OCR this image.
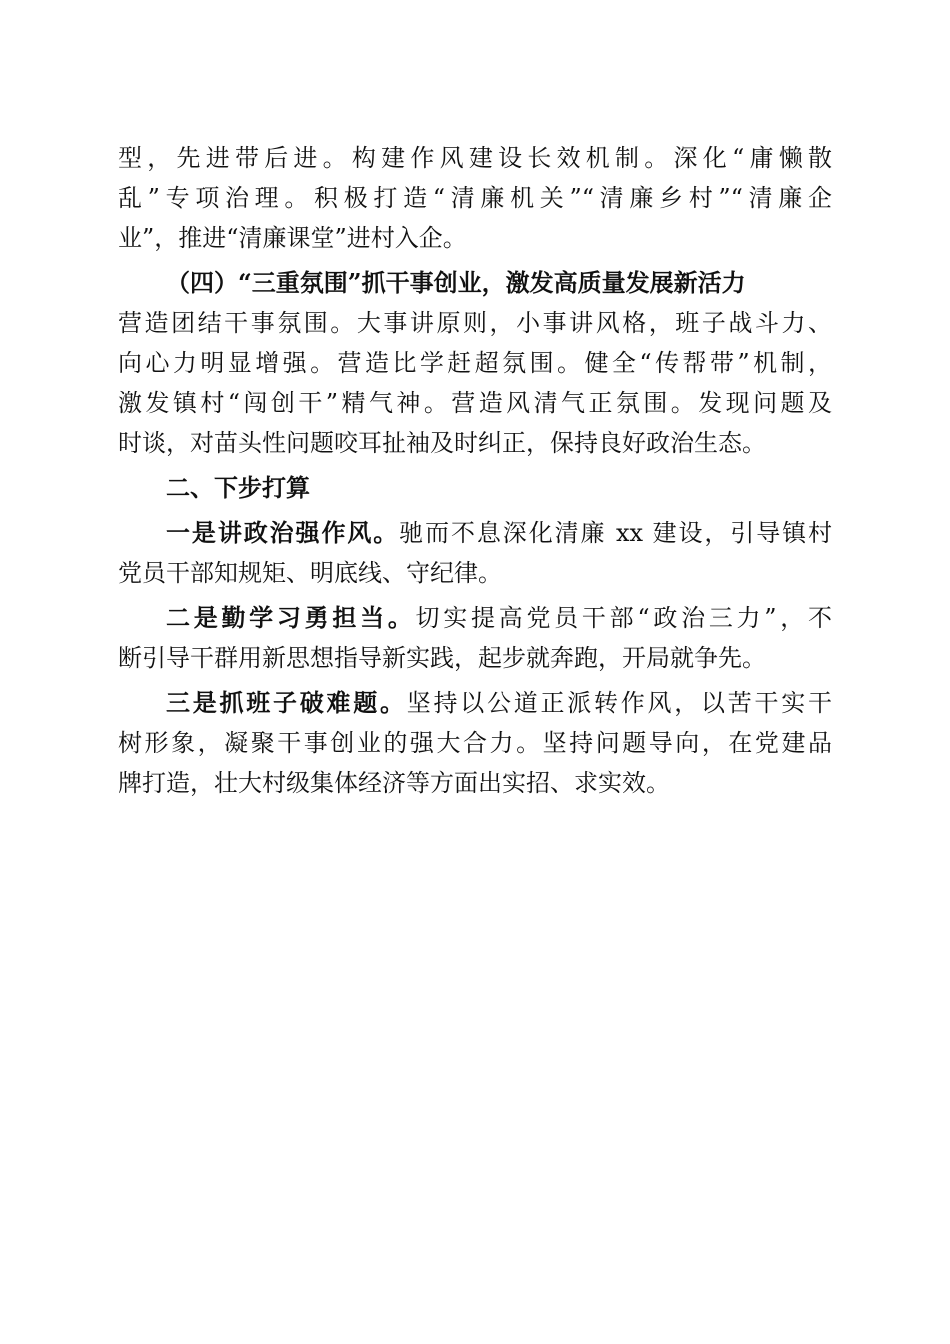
型，先进带后进。构建作风建设长效机制。深化“庸懒散
乱”专项治理。积极打造“清廉机关”“清廉乡村”“清廉企
业”，推进“清廉课堂”进村入企。
（四）“三重氛围”抓干事创业，激发高质量发展新活力
营造团结干事氛围。大事讲原则，小事讲风格，班子战斗力、
向心力明显增强。营造比学赶超氛围。健全“传帮带”机制，
激发镇村“闯创干”精气神。营造风清气正氛围。发现问题及
时谈，对苗头性问题咬耳扯袖及时纠正，保持良好政治生态。
二、下步打算
一是讲政治强作风。驰而不息深化清廉 xx 建设，引导镇村
党员干部知规矩、明底线、守纪律。
二是勤学习勇担当。切实提高党员干部“政治三力”，不
断引导干群用新思想指导新实践，起步就奔跑，开局就争先。
三是抓班子破难题。坚持以公道正派转作风，以苦干实干
树形象，凝聚干事创业的强大合力。坚持问题导向，在党建品
牌打造，壮大村级集体经济等方面出实招、求实效。
